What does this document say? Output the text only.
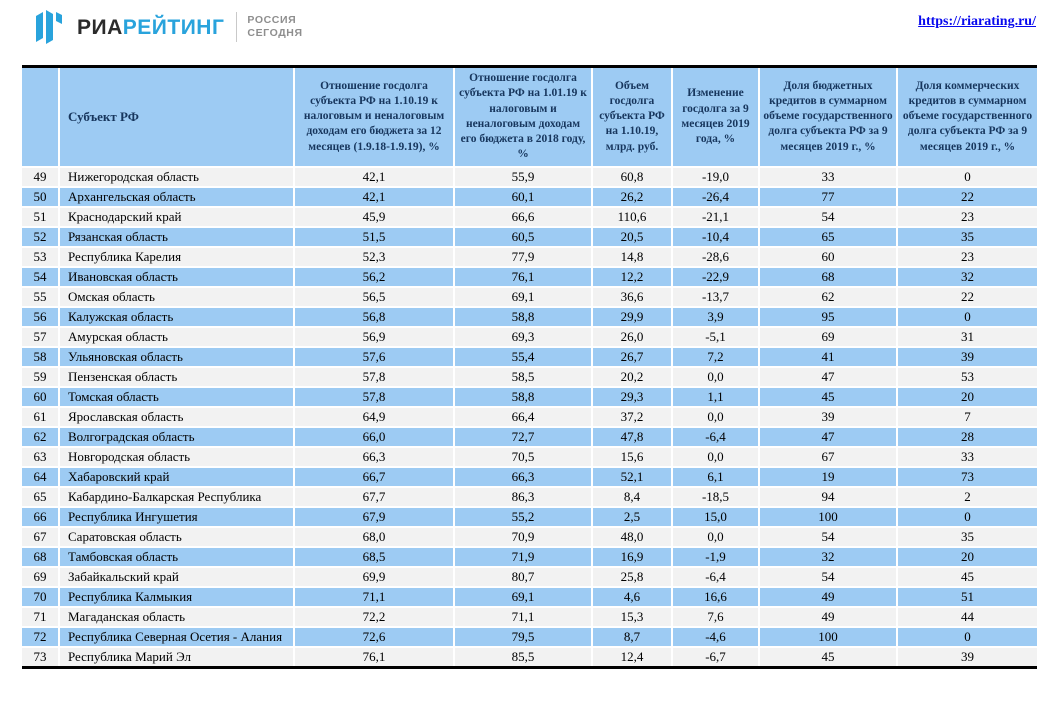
РИАРЕЙТИНГ РОССИЯ
СЕГОДНЯ
https://riarating.ru/
	Субъект РФ	Отношение госдолга субъекта РФ на 1.10.19 к налоговым и неналоговым доходам его бюджета за 12 месяцев (1.9.18-1.9.19), %	Отношение госдолга субъекта РФ на 1.01.19 к налоговым и неналоговым доходам его бюджета в 2018 году, %	Объем госдолга субъекта РФ на 1.10.19, млрд. руб.	Изменение госдолга за 9 месяцев 2019 года, %	Доля бюджетных кредитов в суммарном объеме государственного долга субъекта РФ за 9 месяцев 2019 г., %	Доля коммерческих кредитов в суммарном объеме государственного долга субъекта РФ за 9 месяцев 2019 г., %
49	Нижегородская область	42,1	55,9	60,8	-19,0	33	0
50	Архангельская область	42,1	60,1	26,2	-26,4	77	22
51	Краснодарский край	45,9	66,6	110,6	-21,1	54	23
52	Рязанская область	51,5	60,5	20,5	-10,4	65	35
53	Республика Карелия	52,3	77,9	14,8	-28,6	60	23
54	Ивановская область	56,2	76,1	12,2	-22,9	68	32
55	Омская область	56,5	69,1	36,6	-13,7	62	22
56	Калужская область	56,8	58,8	29,9	3,9	95	0
57	Амурская область	56,9	69,3	26,0	-5,1	69	31
58	Ульяновская область	57,6	55,4	26,7	7,2	41	39
59	Пензенская область	57,8	58,5	20,2	0,0	47	53
60	Томская область	57,8	58,8	29,3	1,1	45	20
61	Ярославская область	64,9	66,4	37,2	0,0	39	7
62	Волгоградская область	66,0	72,7	47,8	-6,4	47	28
63	Новгородская область	66,3	70,5	15,6	0,0	67	33
64	Хабаровский край	66,7	66,3	52,1	6,1	19	73
65	Кабардино-Балкарская Республика	67,7	86,3	8,4	-18,5	94	2
66	Республика Ингушетия	67,9	55,2	2,5	15,0	100	0
67	Саратовская область	68,0	70,9	48,0	0,0	54	35
68	Тамбовская область	68,5	71,9	16,9	-1,9	32	20
69	Забайкальский край	69,9	80,7	25,8	-6,4	54	45
70	Республика Калмыкия	71,1	69,1	4,6	16,6	49	51
71	Магаданская область	72,2	71,1	15,3	7,6	49	44
72	Республика Северная Осетия - Алания	72,6	79,5	8,7	-4,6	100	0
73	Республика Марий Эл	76,1	85,5	12,4	-6,7	45	39
